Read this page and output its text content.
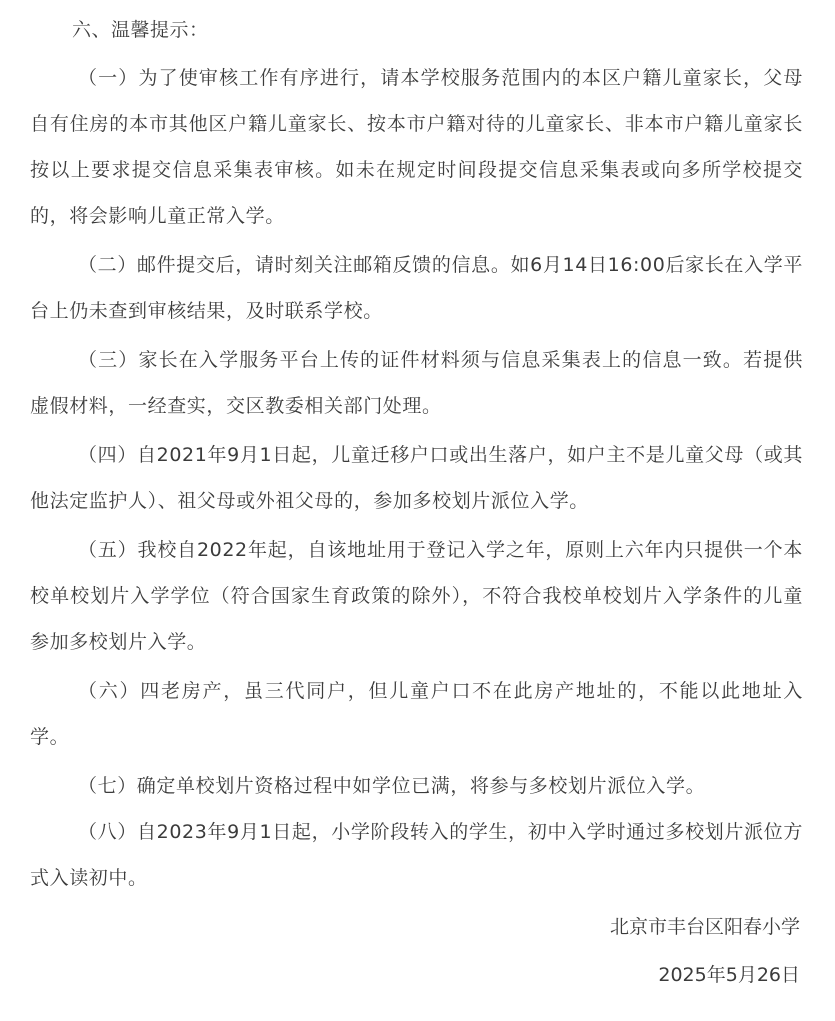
六、温馨提示：

（一）为了使审核工作有序进行，请本学校服务范围内的本区户籍儿童家长，父母自有住房的本市其他区户籍儿童家长、按本市户籍对待的儿童家长、非本市户籍儿童家长按以上要求提交信息采集表审核。如未在规定时间段提交信息采集表或向多所学校提交的，将会影响儿童正常入学。

（二）邮件提交后，请时刻关注邮箱反馈的信息。如6月14日16:00后家长在入学平台上仍未查到审核结果，及时联系学校。

（三）家长在入学服务平台上传的证件材料须与信息采集表上的信息一致。若提供虚假材料，一经查实，交区教委相关部门处理。

（四）自2021年9月1日起，儿童迁移户口或出生落户，如户主不是儿童父母（或其他法定监护人）、祖父母或外祖父母的，参加多校划片派位入学。

（五）我校自2022年起，自该地址用于登记入学之年，原则上六年内只提供一个本校单校划片入学学位（符合国家生育政策的除外），不符合我校单校划片入学条件的儿童参加多校划片入学。

（六）四老房产，虽三代同户，但儿童户口不在此房产地址的，不能以此地址入学。

（七）确定单校划片资格过程中如学位已满，将参与多校划片派位入学。

（八）自2023年9月1日起，小学阶段转入的学生，初中入学时通过多校划片派位方式入读初中。

北京市丰台区阳春小学

2025年5月26日
